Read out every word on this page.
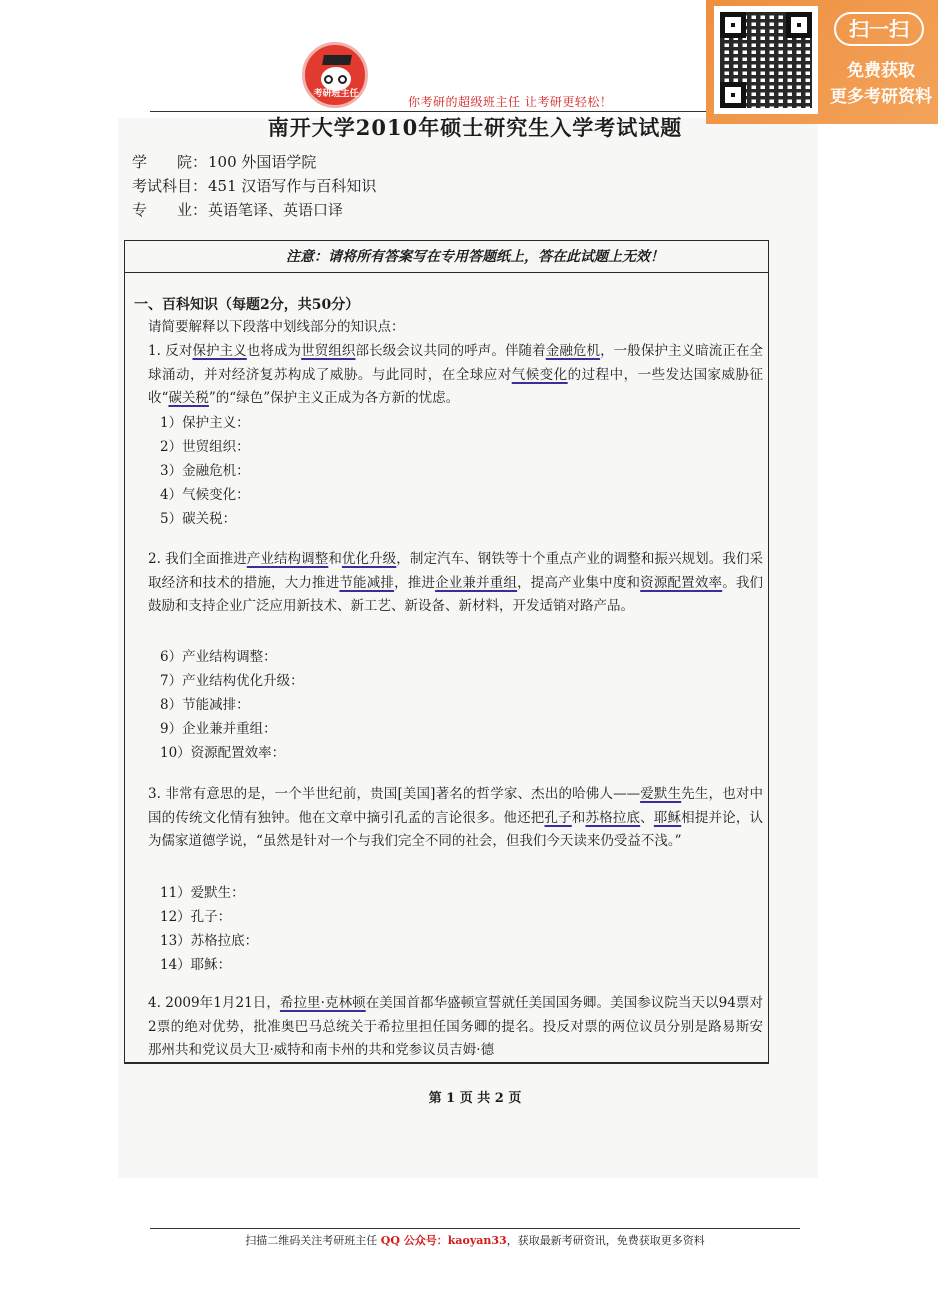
考研班主任
你考研的超级班主任 让考研更轻松！
扫一扫
免费获取
更多考研资料
南开大学2010年硕士研究生入学考试试题
学　　院：100 外国语学院
考试科目：451 汉语写作与百科知识
专　　业：英语笔译、英语口译
注意：请将所有答案写在专用答题纸上，答在此试题上无效！
一、百科知识（每题2分，共50分）
请简要解释以下段落中划线部分的知识点：
1. 反对保护主义也将成为世贸组织部长级会议共同的呼声。伴随着金融危机，一般保护主义暗流正在全球涌动，并对经济复苏构成了威胁。与此同时，在全球应对气候变化的过程中，一些发达国家威胁征收“碳关税”的“绿色”保护主义正成为各方新的忧虑。
1）保护主义：
2）世贸组织：
3）金融危机：
4）气候变化：
5）碳关税：
2. 我们全面推进产业结构调整和优化升级，制定汽车、钢铁等十个重点产业的调整和振兴规划。我们采取经济和技术的措施，大力推进节能减排，推进企业兼并重组，提高产业集中度和资源配置效率。我们鼓励和支持企业广泛应用新技术、新工艺、新设备、新材料，开发适销对路产品。
6）产业结构调整：
7）产业结构优化升级：
8）节能减排：
9）企业兼并重组：
10）资源配置效率：
3. 非常有意思的是，一个半世纪前，贵国[美国]著名的哲学家、杰出的哈佛人——爱默生先生，也对中国的传统文化情有独钟。他在文章中摘引孔孟的言论很多。他还把孔子和苏格拉底、耶稣相提并论，认为儒家道德学说，“虽然是针对一个与我们完全不同的社会，但我们今天读来仍受益不浅。”
11）爱默生：
12）孔子：
13）苏格拉底：
14）耶稣：
4. 2009年1月21日，希拉里·克林顿在美国首都华盛顿宣誓就任美国国务卿。美国参议院当天以94票对2票的绝对优势，批准奥巴马总统关于希拉里担任国务卿的提名。投反对票的两位议员分别是路易斯安那州共和党议员大卫·威特和南卡州的共和党参议员吉姆·德
第 1 页 共 2 页
扫描二维码关注考研班主任 QQ 公众号：kaoyan33，获取最新考研资讯，免费获取更多资料
